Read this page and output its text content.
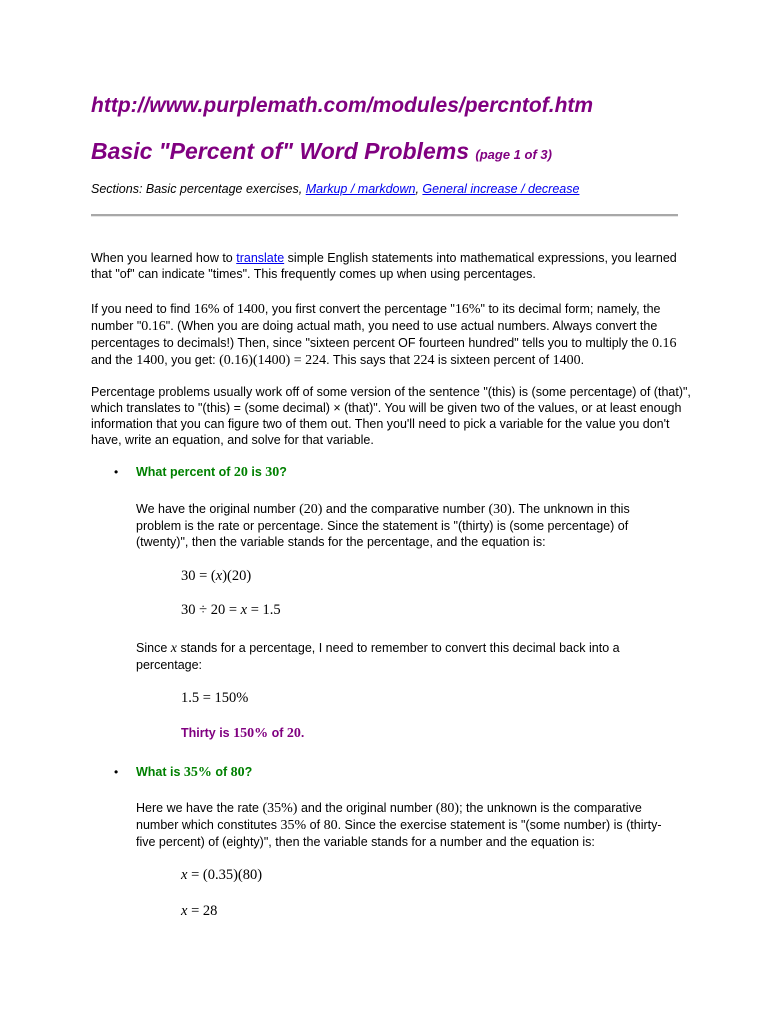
http://www.purplemath.com/modules/percntof.htm
Basic "Percent of" Word Problems (page 1 of 3)
Sections: Basic percentage exercises, Markup / markdown, General increase / decrease
When you learned how to translate simple English statements into mathematical expressions, you learned that "of" can indicate "times". This frequently comes up when using percentages.
If you need to find 16% of 1400, you first convert the percentage "16%" to its decimal form; namely, the number "0.16". (When you are doing actual math, you need to use actual numbers. Always convert the percentages to decimals!) Then, since "sixteen percent OF fourteen hundred" tells you to multiply the 0.16 and the 1400, you get: (0.16)(1400) = 224. This says that 224 is sixteen percent of 1400.
Percentage problems usually work off of some version of the sentence "(this) is (some percentage) of (that)", which translates to "(this) = (some decimal) × (that)". You will be given two of the values, or at least enough information that you can figure two of them out. Then you'll need to pick a variable for the value you don't have, write an equation, and solve for that variable.
•	What percent of 20 is 30?
We have the original number (20) and the comparative number (30). The unknown in this problem is the rate or percentage. Since the statement is "(thirty) is (some percentage) of (twenty)", then the variable stands for the percentage, and the equation is:
30 = (x)(20)
30 ÷ 20 = x = 1.5
Since x stands for a percentage, I need to remember to convert this decimal back into a percentage:
1.5 = 150%
Thirty is 150% of 20.
•	What is 35% of 80?
Here we have the rate (35%) and the original number (80); the unknown is the comparative number which constitutes 35% of 80. Since the exercise statement is "(some number) is (thirty-five percent) of (eighty)", then the variable stands for a number and the equation is:
x = (0.35)(80)
x = 28
